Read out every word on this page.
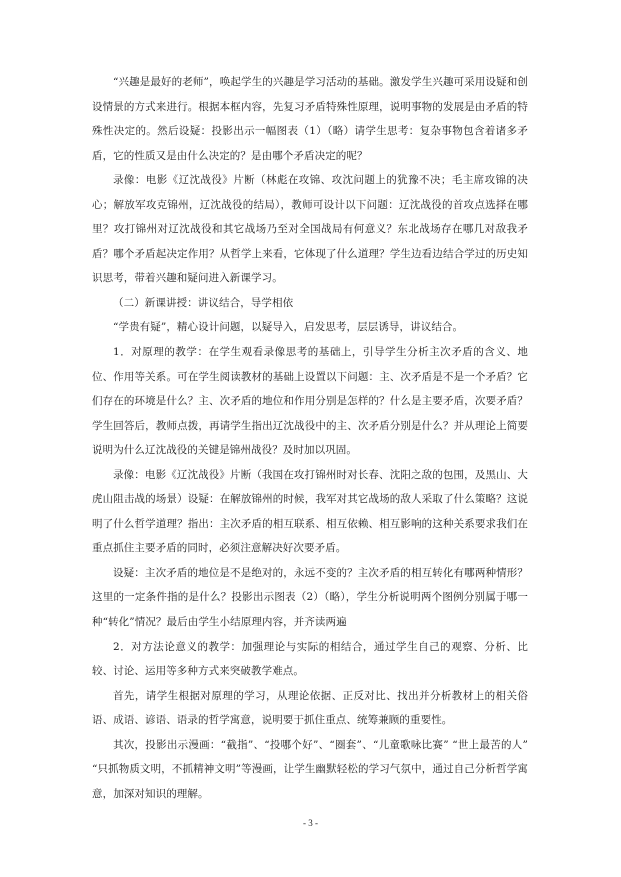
“兴趣是最好的老师”，唤起学生的兴趣是学习活动的基础。激发学生兴趣可采用设疑和创设情景的方式来进行。根据本框内容，先复习矛盾特殊性原理，说明事物的发展是由矛盾的特殊性决定的。然后设疑：投影出示一幅图表（1）（略）请学生思考：复杂事物包含着诸多矛盾，它的性质又是由什么决定的？是由哪个矛盾决定的呢？

录像：电影《辽沈战役》片断（林彪在攻锦、攻沈问题上的犹豫不决；毛主席攻锦的决心；解放军攻克锦州，辽沈战役的结局），教师可设计以下问题：辽沈战役的首攻点选择在哪里？攻打锦州对辽沈战役和其它战场乃至对全国战局有何意义？东北战场存在哪几对敌我矛盾？哪个矛盾起决定作用？从哲学上来看，它体现了什么道理？学生边看边结合学过的历史知识思考，带着兴趣和疑问进入新课学习。

（二）新课讲授：讲议结合，导学相依

“学贵有疑”，精心设计问题，以疑导入，启发思考，层层诱导，讲议结合。

1．对原理的教学：在学生观看录像思考的基础上，引导学生分析主次矛盾的含义、地位、作用等关系。可在学生阅读教材的基础上设置以下问题：主、次矛盾是不是一个矛盾？它们存在的环境是什么？主、次矛盾的地位和作用分别是怎样的？什么是主要矛盾，次要矛盾？学生回答后，教师点拨，再请学生指出辽沈战役中的主、次矛盾分别是什么？并从理论上简要说明为什么辽沈战役的关键是锦州战役？及时加以巩固。

录像：电影《辽沈战役》片断（我国在攻打锦州时对长春、沈阳之敌的包围，及黑山、大虎山阻击战的场景）设疑：在解放锦州的时候，我军对其它战场的敌人采取了什么策略？这说明了什么哲学道理？指出：主次矛盾的相互联系、相互依赖、相互影响的这种关系要求我们在重点抓住主要矛盾的同时，必须注意解决好次要矛盾。

设疑：主次矛盾的地位是不是绝对的，永远不变的？主次矛盾的相互转化有哪两种情形？这里的一定条件指的是什么？投影出示图表（2）（略），学生分析说明两个图例分别属于哪一种“转化”情况？最后由学生小结原理内容，并齐读两遍

2．对方法论意义的教学：加强理论与实际的相结合，通过学生自己的观察、分析、比较、讨论、运用等多种方式来突破教学难点。

首先，请学生根据对原理的学习，从理论依据、正反对比、找出并分析教材上的相关俗语、成语、谚语、语录的哲学寓意，说明要于抓住重点、统筹兼顾的重要性。

其次，投影出示漫画：“截指”、“投哪个好”、“圈套”、“儿童歌咏比赛” “世上最苦的人” “只抓物质文明，不抓精神文明”等漫画，让学生幽默轻松的学习气氛中，通过自己分析哲学寓意，加深对知识的理解。

- 3 -
